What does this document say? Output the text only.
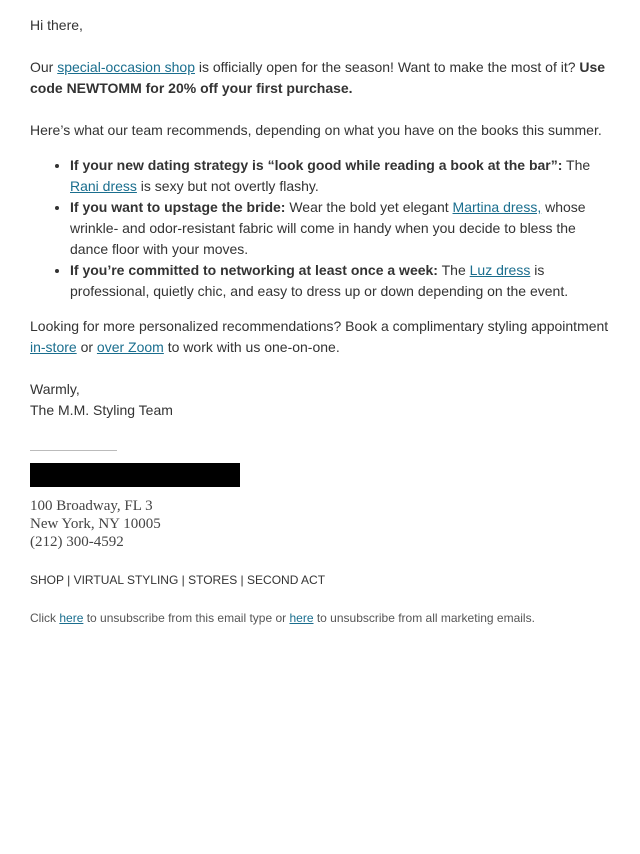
Hi there,

Our special-occasion shop is officially open for the season! Want to make the most of it? Use code NEWTOMM for 20% off your first purchase.

Here’s what our team recommends, depending on what you have on the books this summer.

• If your new dating strategy is “look good while reading a book at the bar”: The Rani dress is sexy but not overtly flashy.
• If you want to upstage the bride: Wear the bold yet elegant Martina dress, whose wrinkle- and odor-resistant fabric will come in handy when you decide to bless the dance floor with your moves.
• If you’re committed to networking at least once a week: The Luz dress is professional, quietly chic, and easy to dress up or down depending on the event.

Looking for more personalized recommendations? Book a complimentary styling appointment in-store or over Zoom to work with us one-on-one.

Warmly,

The M.M. Styling Team

100 Broadway, FL 3
New York, NY 10005
(212) 300-4592
SHOP | VIRTUAL STYLING | STORES | SECOND ACT
Click here to unsubscribe from this email type or here to unsubscribe from all marketing emails.
